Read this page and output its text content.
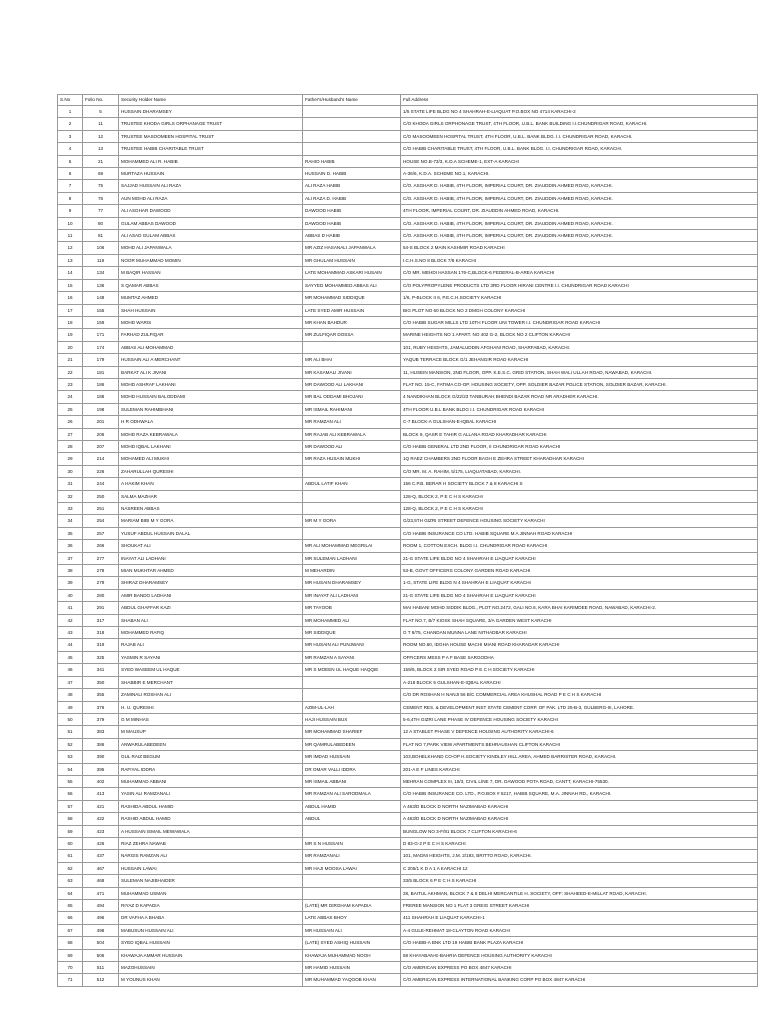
S.No	Folio No.	Security Holder Name	Father's/Husband's Name	Full Address
1	5	HUSSAIN DHARAMSEY		1/5 STATE LIFE BLDG NO 4 SHAHRAH-E-LIAQUAT P.O.BOX NO 4714 KARACHI-2
2	11	TRUSTEE KHODA GIRLS ORPHANAGE TRUST		C/O KHODA GIRLS ORPHONAGE TRUST, 4TH FLOOR, U.B.L. BANK BUILDING I.I.CHUNDRIGAR ROAD, KARACHI.
3	12	TRUSTEE MASOOMEEN HOSPITAL TRUST		C/O MASOOMEEN HOSPITAL TRUST, 4TH FLOOR, U.B.L. BANK BLDG. I.I. CHUNDRIGAR ROAD, KARACHI.
4	13	TRUSTEE HABIB CHARITABLE TRUST		C/O HABIB CHARITABLE TRUST, 4TH FLOOR, U.B.L. BANK BLDG. I.I. CHUNDRIGAR ROAD, KARACHI.
5	21	MOHAMMED ALI R. HABIB	RAHIO HABIB	HOUSE NO.B-73/3, K.D.A SCHEME-1, EXT-A KARACHI
6	68	MURTAZA HUSSAIN	HUSSAIN D. HABIB	A-36/6, K.D.A. SCHEME NO.1, KARACHI.
7	75	SAJJAD HUSSAIN ALI RAZA	ALI RAZA HABIB	C/O. ASGHAR D. HABIB, 4TH FLOOR, IMPERIAL COURT, DR. ZIAUDDIN AHMED ROAD, KARACHI.
8	76	AUN MOHD ALI RAZA	ALI RAZA D. HABIB	C/O. ASGHAR D. HABIB, 4TH FLOOR, IMPERIAL COURT, DR. ZIAUDDIN AHMED ROAD, KARACHI.
9	77	ALI ASGHAR DAWOOD	DAWOOD HABIB	4TH FLOOR, IMPERIAL COURT, DR. ZIAUDDIN AHMED ROAD, KARACHI.
10	80	GULAM ABBAS DAWOOD	DAWOOD HABIB	C/O. ASGHAR D. HABIB, 4TH FLOOR, IMPERIAL COURT, DR. ZIAUDDIN AHMED ROAD, KARACHI.
11	81	ALI ASAD GULAM ABBAS	ABBAS D HABIB	C/O. ASGHAR D. HABIB, 4TH FLOOR, IMPERIAL COURT, DR. ZIAUDDIN AHMED ROAD, KARACHI.
12	106	MOHD ALI JAPANWALA	MR AZIZ HASANALI JAPANWALA	54-S BLOCK 2 MAIN KASHMIR ROAD KARACHI
13	119	NOOR MUHAMMAD MOMIN	MR GHULAM HUSSAIN	I.C.H.S.NO 8 BLOCK 7/8 KARACHI
14	134	M BAQIR HASSAN	LATE MOHAMMAD ASKARI HUSAIN	C/O MR. MEHDI HASSAN 176-C,BLOCK-6 FEDERAL-B-AREA KARACHI
15	136	S QAMAR ABBAS	SAYYED MOHAMMED ABBAS ALI	C/O POLYPROPYLENE PRODUCTS LTD 3RD FLOOR HIRANI CENTRE I.I. CHUNDRIGAR ROAD KARACHI
16	148	MUMTAZ AHMED	MR MOHAMMAD SIDDIQUE	1/6, P-BLOCK II 6, P.E.C.H.SOCIETY KARACHI
17	155	SHAH HUSSAIN	LATE SYED AMIR HUSSAIN	BIG PLOT NO 60 BLOCK NO 2 DMGH COLONY KARACHI
18	159	MOHD WARIS	MR KHAN BAHDUR	C/O HABIB SUGAR MILLS LTD 10TH FLOOR UNI TOWER I.I. CHUNDRIGAR ROAD KARACHI
19	171	FARHAD ZULFIQAR	MR ZULFIQAR DOSSA	MARINE HEIGHTS NO 1 APART. NO 402 G-2, BLOCK NO 2 CLIFTON KARACHI
20	174	ABBAS ALI MOHAMMAD		101, RUBY HEIGHTS, JAMALUDDIN AFGHANI ROAD, SHARFABAD, KARACHI.
21	179	HUSSAIN ALI A MERCHANT	MR ALI BHAI	YAQUB TERRACE BLOCK G/1 JEHANGIR ROAD KARACHI
22	181	BARKAT ALI K JIVANI	MR KASAMALI JIVANI	11, HUSEIN MANSION, 2ND FLOOR, OPP. K.E.S.C. GRID STATION, SHAH WALI ULLAH ROAD, NAWABAD, KARACHI.
23	186	MOHD ASHRAF LAKHANI	MR DAWOOD ALI LAKHANI	FLAT NO. 15-C, FATIMA CO-OP. HOUSING SOCIETY, OPP. SOLDIER BAZAR POLICE STATION, SOLDIER BAZAR, KARACHI.
24	188	MOHD HUSSAIN BALODDAMI	MR BAL ODDAMI BHOJANI	4 NANDIKHAN BLOCK G/22/23 TANBURAH BHENDI BAZAR ROAD NR ARADHER KARACHI.
25	198	SULEMAN RAHIMBHANI	MR ISMAIL RAHIMANI	4TH FLOOR U.B.L BANK BLDG I.I. CHUNDRIGAR ROAD KARACHI
26	201	H R ODHWALA	MR RAMZAN ALI	C-7 BLOCK-A GULSHAN-E-IQBAL KARACHI
27	206	MOHD RAZA KEBRAWALA	MR RAJAB ALI KEBRAWALA	BLOCK 9, QASR E TAHIR G ALLANA ROAD KHARADHAR KARACHI
28	207	MOHD IQBAL LAKHANI	MR DAWOOD ALI	C/O HABIB GENERAL LTD 2ND FLOOR, II CHUNDRIGAR ROAD KARACHI
29	214	MOHAMED ALI MUKHI	MR RAZA HUSAIN MUKHI	1Q RAEZ CHAMBERS 2ND FLOOR BAGH E ZEHRA STREET KHARADHAR KARACHI
30	226	ZAHARULLAH QURESHI		C/O MR. M. A. RAHIM, 5/175, LIAQUATABAD, KARACHI.
31	244	A HAKIM KHAN	ABDUL LATIF KHAN	156 C.P.B. BERAR H SOCIETY BLOCK 7 & 8 KARACHI S
32	250	SALMA MAZHAR		128-Q, BLOCK 2, P E C H S KARACHI
33	251	NASREEN ABBAS		128-Q, BLOCK 2, P E C H S KARACHI
34	254	MARIAM BIBI M Y GORA	MR M Y GORA	G/23,5TH GIZRI STREET DEFENCE HOUSING SOCIETY KARACHI
35	257	YUSUF ABDUL HUSSAIN DALAL		C/O HABIB INSURANCE CO LTD. HABIB SQUARE M A JINNAH ROAD KARACHI
36	266	SHOUKAT ALI	MR ALI MOHAMMAD MEGRILAI	ROOM 1, COTTON EXCH. BLDG I.I. CHUNDRIGAR ROAD KARACHI
37	277	INAYAT ALI LADHANI	MR SULEMAN LADHANI	21-G STATE LIFE BLDG NO 4 SHAHRAH E LIAQUAT KARACHI
38	278	MIAN MUKHTAR AHMED	M MEHARDIN	53-B, GOVT OFFICERS COLONY GARDEN ROAD KARACHI
39	279	SHIRAZ DHARAMSEY	MR HUSAIN DHARAMSEY	1-G, STATE LIFE BLDG N 4 SHAHRAH E LIAQUAT KARACHI
40	280	AMIR BANDO LADHANI	MR INAYAT ALI LADHANI	21-G STATE LIFE BLDG NO 4 SHAHRAH E LIAQUAT KARACHI
41	291	ABDUL GHAFFAR KAZI	MR TAYOOB	MAI HABANI MOHD SIDDIK BLDG., PLOT NO.2472, GALI NO.6, KARA BHAI KARIMDEE ROAD, NAWABAD, KARACHI-2.
42	317	SHABAN ALI	MR MOHAMMED ALI	FLAT NO.7, B/7 KIOSK SHAH SQUARE, 3/A GARDEN WEST KARACHI
43	318	MOHAMMED RAFIQ	MR SIDDIQUE	G T 8/75, CHANDAN MUNNA LANE NITHADBAR KARACHI
44	319	RAJAB ALI	MR HUSAIN ALI PUNJWANI	ROOM NO.60, IDGHA HOUSE MACHI MIANI ROAD KHARADAR KARACHI
45	325	YASMIN R SAYANI	MR RAMZAN A SAYANI	OFFICERS MESS P A F BASE SARGODHA
46	341	SYED WASEEM UL HAQUE	MR S MOEEN UL HAQUE HAQQIE	159/6, BLOCK 2 SIR SYED ROAD P E C H SOCIETY KARACHI
47	350	SHABBIR E MERCHANT		A-218 BLOCK 5 GULSHAN-E-IQBAL KARACHI
48	355	ZAMINALI ROSHAN ALI		C/O DR ROSHAN H NANJI 56 B/C COMMERCIAL AREA KHUSHAL ROAD P E C H S KARACHI
49	376	H. U. QURESHI	AZIM-UL-LAH	CEMENT RES. & DEVELOPMENT INST STATE CEMENT CORP. OF PAK. LTD 25-B-3, GULBERG-III, LAHORE.
50	379	G M MINHAS	HAJI HUSSAIN BUX	5-6,4TH GIZRI LANE PHASE IV DEFENCE HOUSING SOCIETY KARACHI
51	383	M MAUSUP	MR MOHAMMAD SHARIEF	12 A STABLET PHASE V DEFENCE HOUSING AUTHORITY KARACHI-6
52	386	ANWARULABEDEEN	MR QAMRULABEDEEN	FLAT NO 7,PARK VIEW APARTMENTS BEHRAUSHAN CLIFTON KARACHI
53	390	GUL RAIZ BEGUM	MR IMDAD HUSSAIN	103,BOHELKHAND CO-OP H.SOCIETY KINDLEY HILL AREA, AHMED BARRISTER ROAD, KARACHI.
54	395	RAFIYAL IDDRA	DR OMAR VALLI IDDRA	201-A E F LINES KARACHI
55	402	MUHAMMAD ABBANI	MR ISMAIL ABBANI	MEHRAN COMPLEX III, 18/3, CIVIL LINE 7, DR. DAWOOD POTA ROAD, CANTT, KARACHI-75530.
56	413	YASIN ALI RAMZANALI	MR RAMZAN ALI SARODMALA	C/O HABIB INSURANCE CO. LTD., P.O.BOX # 5217, HABIB SQUARE, M.A. JINNAH RD., KARACHI.
57	421	RASHIDA ABDUL HAMID	ABDUL HAMID	A 463/D BLOCK D NORTH NAZIMABAD KARACHI
58	422	RASHID ABDUL HAMID	ABDUL	A 463/D BLOCK D NORTH NAZIMABAD KARACHI
59	423	A HUSSAIN ISMAIL MEWAWALA		BUNGLOW NO 3-F/81 BLOCK 7 CLIFTON KARACHI-6
60	426	RIAZ ZEHRA NAWAB	MR S N HUSSAIN	D 83-G-2 P E C H S KARACHI
61	437	NARGIS RAMZAN ALI	MR RAMZANALI	101, MADNI HEIGHTS, J.M. 2/193, BRITTO ROAD, KARACHI.
62	467	HUSSAIN LAWAI	MR HAJI MOOSA LAWAI	C 205/1 K D A 1 A KARACHI 12
63	468	SULEMAN NAJIBHAIDER		33/5 BLOCK 6 P E C H S KARACHI
64	471	MUHAMMAD USMAN		28, BAITUL AKHMAN, BLOCK 7 & 8 DELHI MERCANTILE H. SOCIETY, OFF: SHAHEED-E-MILLAT ROAD, KARACHI.
65	494	RIYAZ D KAPADIA	(LATE) MR DIRGHAM KAPADIA	FREREE MANSION NO 1 FLAT 3 GREIG STREET KARACHI
66	496	DR VAFHA A BHABA	LATE ABBAS BHOY	411 SHAHRAH E LIAQUAT KARACHI-1
67	498	MABUSUN HUSSAIN ALI	MR HUSSAIN ALI	A-4 GULE-REHMAT 18-CLAYTON ROAD KARACHI
68	504	SYED IQBAL HUSSAIN	(LATE) SYED ASHIQ HUSSAIN	C/O HABIB-A BNK LTD 19 HABIB BANK PLAZA KARACHI
69	506	KHAWAJA AMMAR HUSSAIN	KHAWAJA MUHAMMAD NOOH	58 KHAYABAN-E-BAHRIA DEFENCE HOUSING AUTHORITY KARACHI
70	511	MAZOHUSSAIN	MR HAMID HUSSAIN	C/O AMERICAN EXPRESS PO BOX 4847 KARACHI
71	512	M YOUNUS KHAN	MR MUHAMMAD YAQOOB KHAN	C/O AMERICAN EXPRESS INTERNATIONAL BANKING CORP PO BOX 4847 KARACHI
